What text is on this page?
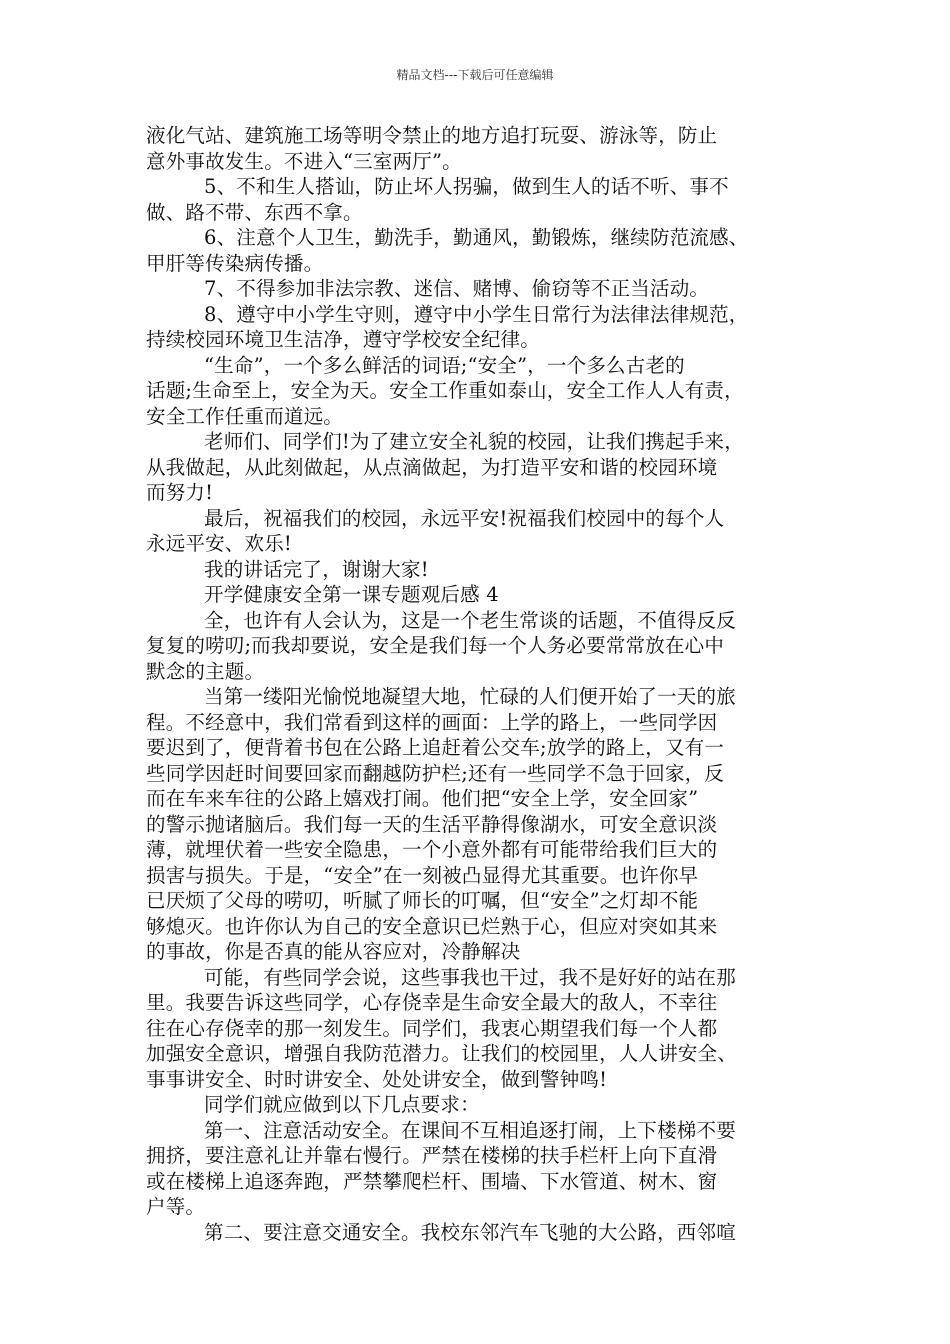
精品文档---下载后可任意编辑
液化气站、建筑施工场等明令禁止的地方追打玩耍、游泳等，防止
意外事故发生。不进入“三室两厅”。
5、不和生人搭讪，防止坏人拐骗，做到生人的话不听、事不
做、路不带、东西不拿。
6、注意个人卫生，勤洗手，勤通风，勤锻炼，继续防范流感、
甲肝等传染病传播。
7、不得参加非法宗教、迷信、赌博、偷窃等不正当活动。
8、遵守中小学生守则，遵守中小学生日常行为法律法律规范，
持续校园环境卫生洁净，遵守学校安全纪律。
“生命”，一个多么鲜活的词语;“安全”，一个多么古老的
话题;生命至上，安全为天。安全工作重如泰山，安全工作人人有责，
安全工作任重而道远。
老师们、同学们!为了建立安全礼貌的校园，让我们携起手来，
从我做起，从此刻做起，从点滴做起，为打造平安和谐的校园环境
而努力!
最后，祝福我们的校园，永远平安!祝福我们校园中的每个人
永远平安、欢乐!
我的讲话完了，谢谢大家!
开学健康安全第一课专题观后感 4
全，也许有人会认为，这是一个老生常谈的话题，不值得反反
复复的唠叨;而我却要说，安全是我们每一个人务必要常常放在心中
默念的主题。
当第一缕阳光愉悦地凝望大地，忙碌的人们便开始了一天的旅
程。不经意中，我们常看到这样的画面：上学的路上，一些同学因
要迟到了，便背着书包在公路上追赶着公交车;放学的路上，又有一
些同学因赶时间要回家而翻越防护栏;还有一些同学不急于回家，反
而在车来车往的公路上嬉戏打闹。他们把“安全上学，安全回家”
的警示抛诸脑后。我们每一天的生活平静得像湖水，可安全意识淡
薄，就埋伏着一些安全隐患，一个小意外都有可能带给我们巨大的
损害与损失。于是，“安全”在一刻被凸显得尤其重要。也许你早
已厌烦了父母的唠叨，听腻了师长的叮嘱，但“安全”之灯却不能
够熄灭。也许你认为自己的安全意识已烂熟于心，但应对突如其来
的事故，你是否真的能从容应对，冷静解决
可能，有些同学会说，这些事我也干过，我不是好好的站在那
里。我要告诉这些同学，心存侥幸是生命安全最大的敌人，不幸往
往在心存侥幸的那一刻发生。同学们，我衷心期望我们每一个人都
加强安全意识，增强自我防范潜力。让我们的校园里，人人讲安全、
事事讲安全、时时讲安全、处处讲安全，做到警钟鸣!
同学们就应做到以下几点要求：
第一、注意活动安全。在课间不互相追逐打闹，上下楼梯不要
拥挤，要注意礼让并靠右慢行。严禁在楼梯的扶手栏杆上向下直滑
或在楼梯上追逐奔跑，严禁攀爬栏杆、围墙、下水管道、树木、窗
户等。
第二、要注意交通安全。我校东邻汽车飞驰的大公路，西邻喧
